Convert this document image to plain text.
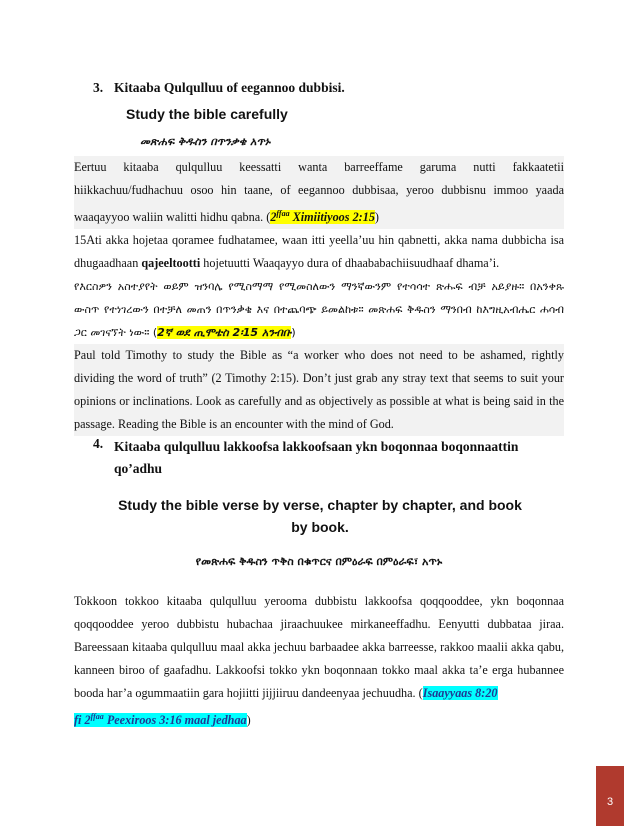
3. Kitaaba Qulqulluu of eegannoo dubbisi.
Study the bible carefully
መጽሐፍ ቅዱስን በጥንቃቄ አጥኑ

Eertuu kitaaba qulqulluu keessatti wanta barreeffame garuma nutti fakkaatetii hiikkachuu/fudhachuu osoo hin taane, of eegannoo dubbisaa, yeroo dubbisnu immoo yaada waaqayyoo waliin walitti hidhu qabna. ($2^{ffaa}$ Ximiitiyoos 2:15)

15Ati akka hojetaa qoramee fudhatamee, waan itti yeella’uu hin qabnetti, akka nama dubbicha isa dhugaadhaan qajeeltootti hojetuutti Waaqayyo dura of dhaababachiisuudhaaf dhama’i.

የእርስዎን አስተያየት ወይም ዝንባሌ የሚስማማ የሚመስለውን ማንኛውንም የተሳሳተ ጽሑፍ ብቻ አይያዙ። በአንቀጹ ውስጥ የተነገረውን በተቻለ መጠን በጥንቃቄ እና በተጨባጭ ይመልከቱ። መጽሐፍ ቅዱስን ማንበብ ከእግዚአብሔር ሐሳብ ጋር መገናኘት ነው። (2ኛ ወደ ጢሞቴስ 2፡15 አንብቡ)

Paul told Timothy to study the Bible as “a worker who does not need to be ashamed, rightly dividing the word of truth” (2 Timothy 2:15). Don’t just grab any stray text that seems to suit your opinions or inclinations. Look as carefully and as objectively as possible at what is being said in the passage. Reading the Bible is an encounter with the mind of God.

4. Kitaaba qulqulluu lakkoofsa lakkoofsaan ykn boqonnaa boqonnaattin
qo’adhu
Study the bible verse by verse, chapter by chapter, and book by book.
የመጽሐፍ ቅዱስን ጥቅስ በቁጥርና በምዕራፍ በምዕራፍ፣ አጥኑ

Tokkoon tokkoo kitaaba qulqulluu yerooma dubbistu lakkoofsa qoqqooddee, ykn boqonnaa qoqqooddee yeroo dubbistu hubachaa jiraachuukee mirkaneeffadhu. Eenyutti dubbataa jiraa. Bareessaan kitaaba qulqulluu maal akka jechuu barbaadee akka barreesse, rakkoo maalii akka qabu, kanneen biroo of gaafadhu. Lakkoofsi tokko ykn boqonnaan tokko maal akka ta’e erga hubannee booda har’a ogummaatiin gara hojiitti jijjiiruu dandeenyaa jechuudha. (Isaayyaas 8:20
fi $2^{ffaa}$ Peexiroos 3:16 maal jedhaa)

3
